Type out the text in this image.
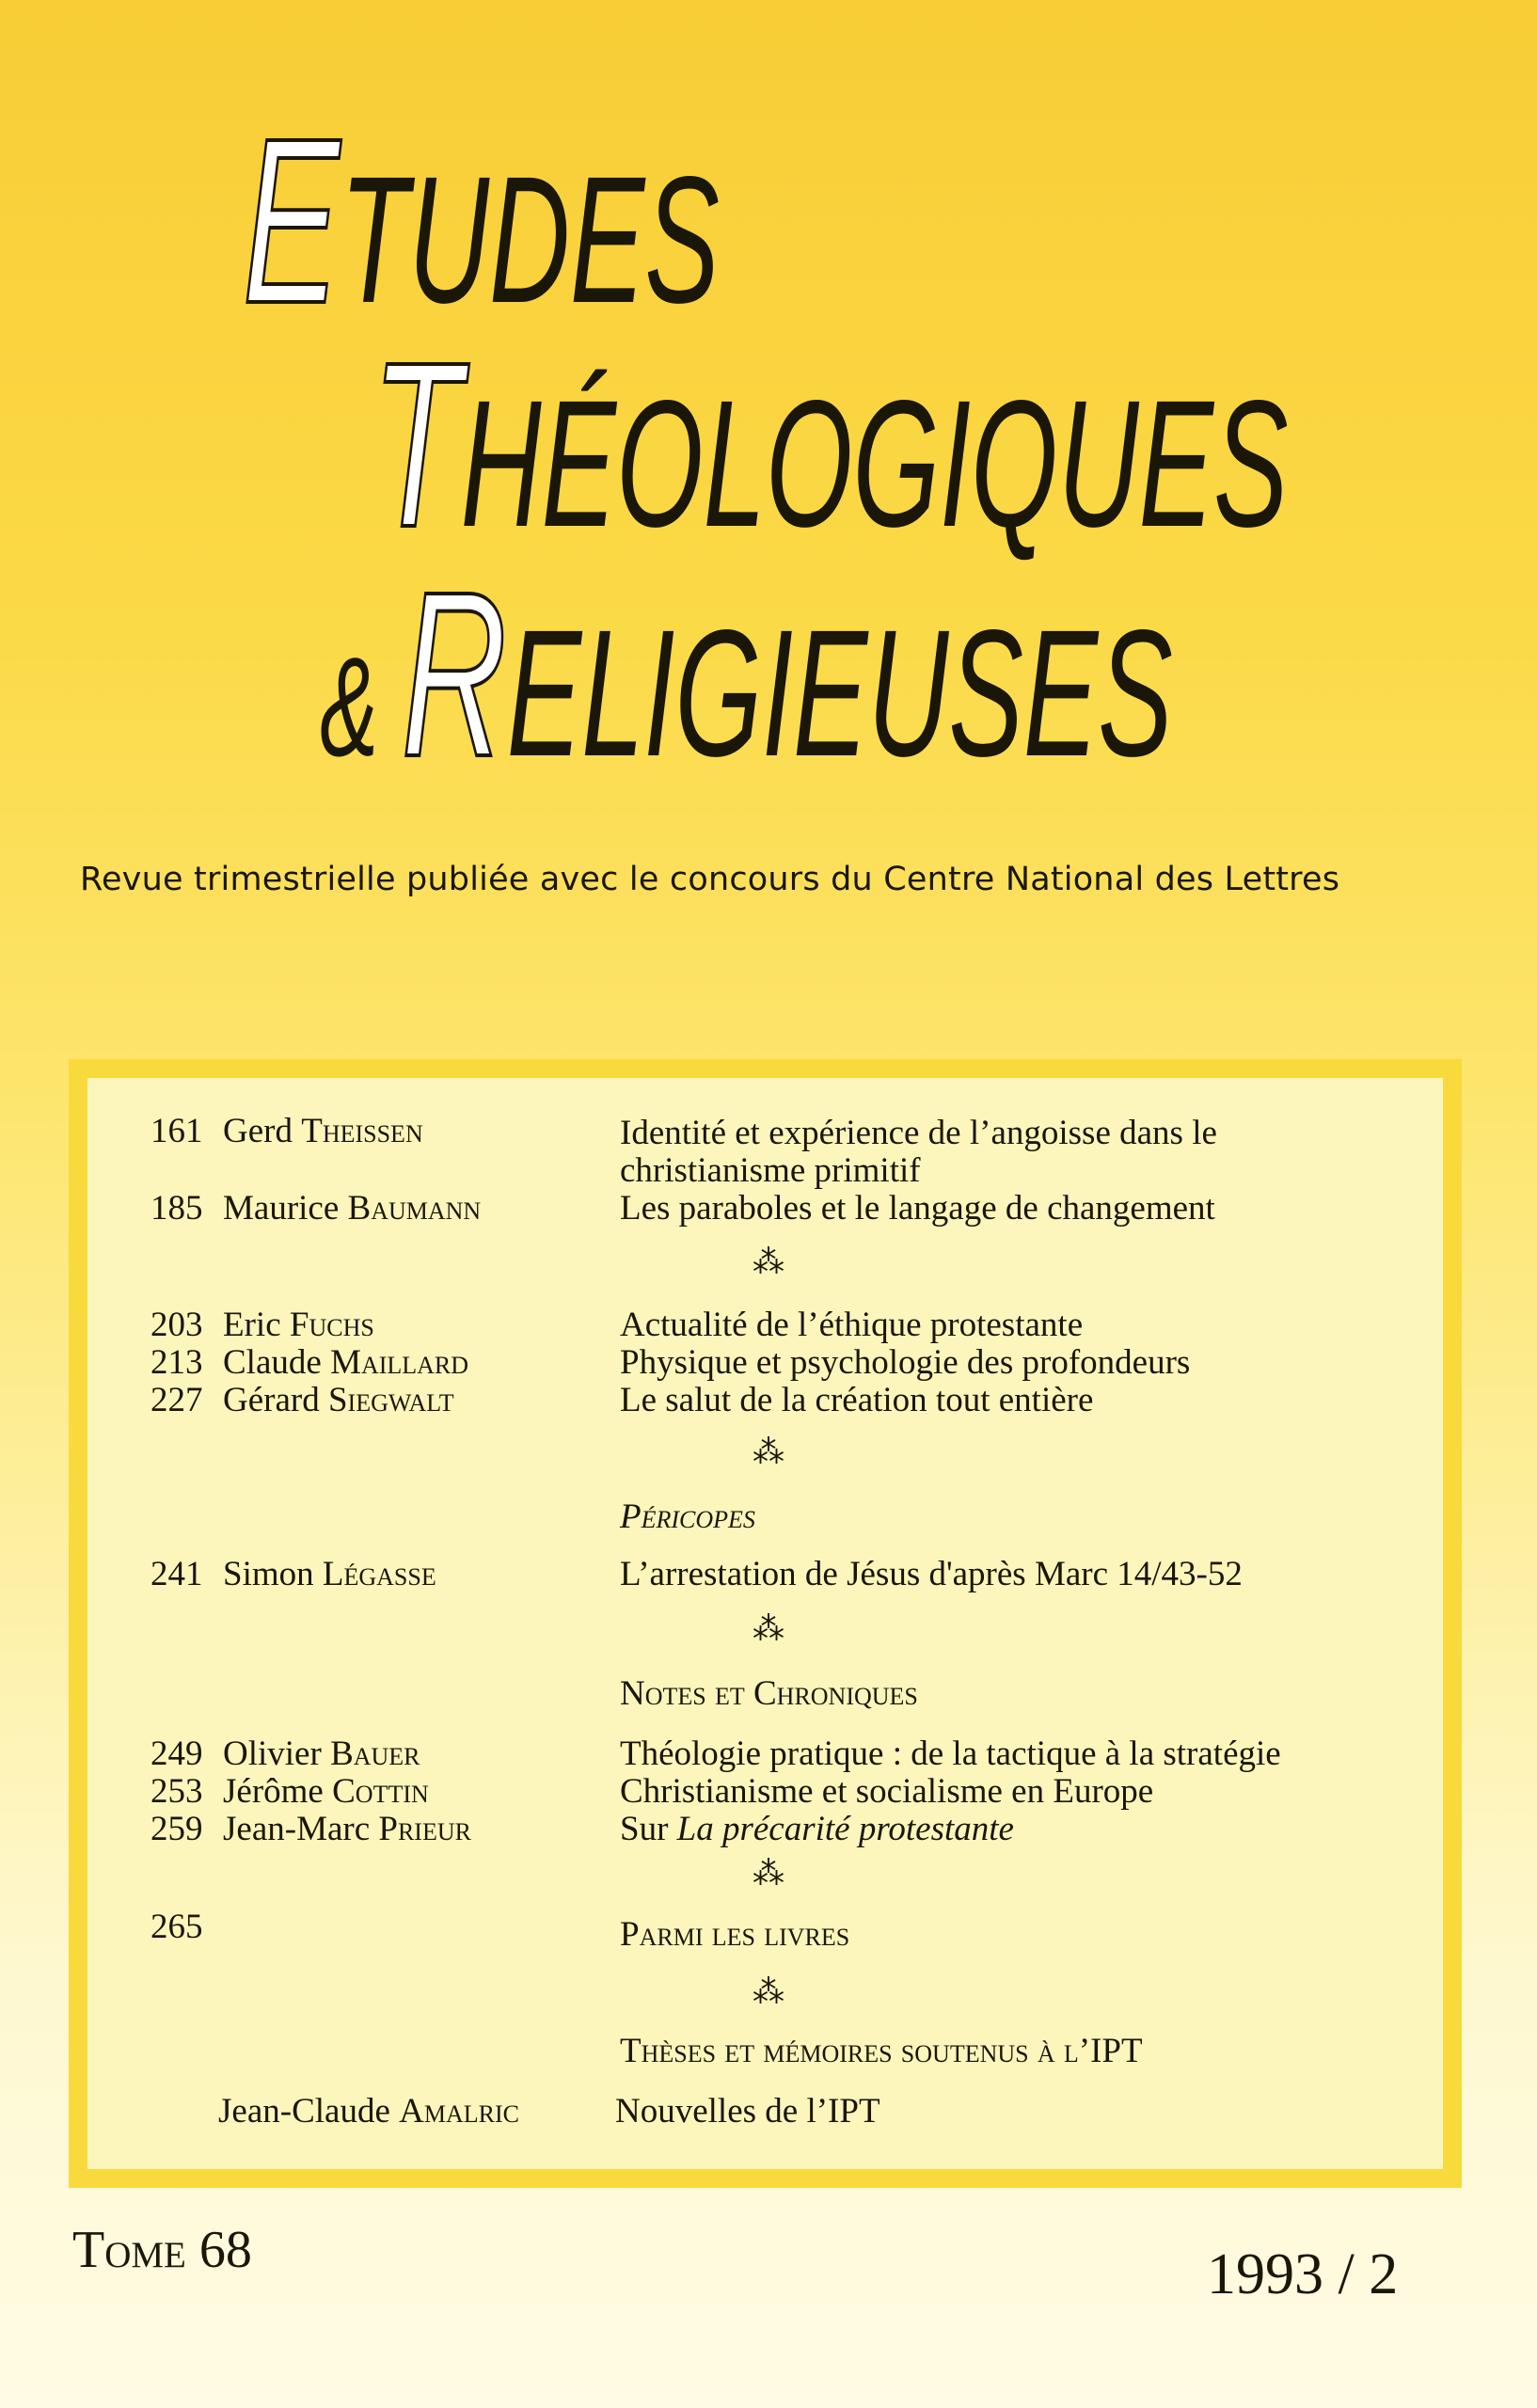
ETUDES
THÉOLOGIQUES
&RELIGIEUSES
Revue trimestrielle publiée avec le concours du Centre National des Lettres
161 Gerd Theissen	Identité et expérience de l’angoisse dans le
christianisme primitif
185 Maurice Baumann	Les paraboles et le langage de changement
⁂
203 Eric Fuchs	Actualité de l’éthique protestante
213 Claude Maillard	Physique et psychologie des profondeurs
227 Gérard Siegwalt	Le salut de la création tout entière
⁂
Péricopes
241 Simon Légasse	L’arrestation de Jésus d'après Marc 14/43-52
⁂
Notes et Chroniques
249 Olivier Bauer	Théologie pratique : de la tactique à la stratégie
253 Jérôme Cottin	Christianisme et socialisme en Europe
259 Jean-Marc Prieur	Sur La précarité protestante
⁂
265	Parmi les livres
⁂
Thèses et mémoires soutenus à l’IPT
Jean-Claude Amalric	Nouvelles de l’IPT
Tome 68	1993 / 2
